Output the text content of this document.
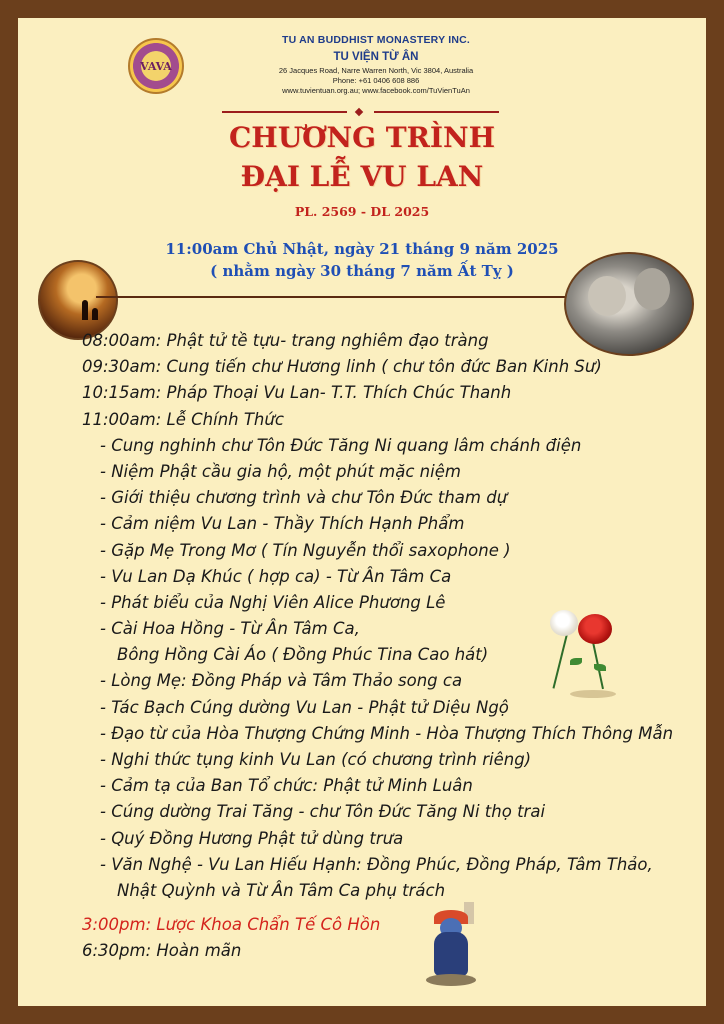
VAVA
TU AN BUDDHIST MONASTERY INC.
TU VIỆN TỪ ÂN
26 Jacques Road, Narre Warren North, Vic 3804, Australia
Phone: +61 0406 608 886
www.tuvientuan.org.au; www.facebook.com/TuVienTuAn
CHƯƠNG TRÌNH
ĐẠI LỄ VU LAN
PL. 2569 - DL 2025
11:00am Chủ Nhật, ngày 21 tháng 9 năm 2025
( nhằm ngày 30 tháng 7 năm Ất Tỵ )
08:00am: Phật tử tề tựu- trang nghiêm đạo tràng
09:30am: Cung tiến chư Hương linh ( chư tôn đức Ban Kinh Sư)
10:15am: Pháp Thoại Vu Lan- T.T. Thích Chúc Thanh
11:00am: Lễ Chính Thức
- Cung nghinh chư Tôn Đức Tăng Ni quang lâm chánh điện
- Niệm Phật cầu gia hộ, một phút mặc niệm
- Giới thiệu chương trình và chư Tôn Đức tham dự
- Cảm niệm Vu Lan - Thầy Thích Hạnh Phẩm
- Gặp Mẹ Trong Mơ ( Tín Nguyễn thổi saxophone )
- Vu Lan Dạ Khúc ( hợp ca) - Từ Ân Tâm Ca
- Phát biểu của Nghị Viên Alice Phương Lê
- Cài Hoa Hồng - Từ Ân Tâm Ca,
Bông Hồng Cài Áo ( Đồng Phúc Tina Cao hát)
- Lòng Mẹ: Đồng Pháp và Tâm Thảo song ca
- Tác Bạch Cúng dường Vu Lan - Phật tử Diệu Ngộ
- Đạo từ của Hòa Thượng Chứng Minh - Hòa Thượng Thích Thông Mẫn
- Nghi thức tụng kinh Vu Lan (có chương trình riêng)
- Cảm tạ của Ban Tổ chức: Phật tử Minh Luân
- Cúng dường Trai Tăng - chư Tôn Đức Tăng Ni thọ trai
- Quý Đồng Hương Phật tử dùng trưa
- Văn Nghệ - Vu Lan Hiếu Hạnh: Đồng Phúc, Đồng Pháp, Tâm Thảo,
Nhật Quỳnh và Từ Ân Tâm Ca phụ trách
3:00pm: Lược Khoa Chẩn Tế Cô Hồn
6:30pm: Hoàn mãn
